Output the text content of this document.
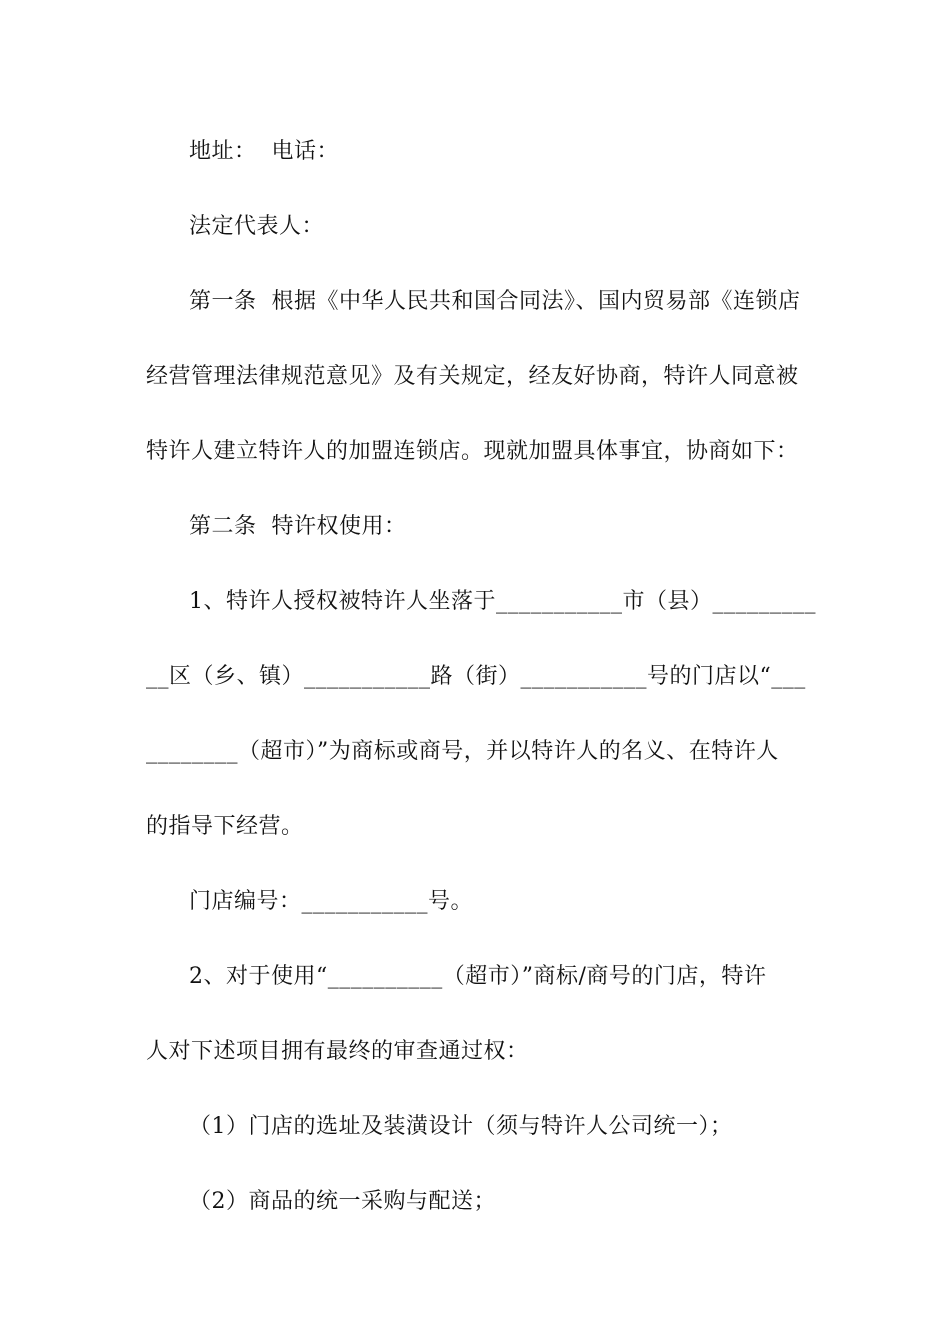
地址：  电话：
法定代表人：
第一条  根据《中华人民共和国合同法》、国内贸易部《连锁店
经营管理法律规范意见》及有关规定，经友好协商，特许人同意被
特许人建立特许人的加盟连锁店。现就加盟具体事宜，协商如下：
第二条  特许权使用：
1、特许人授权被特许人坐落于___________市（县）_________
__区（乡、镇）___________路（街）___________号的门店以“___
________（超市）”为商标或商号，并以特许人的名义、在特许人
的指导下经营。
门店编号：___________号。
2、对于使用“__________（超市）”商标/商号的门店，特许
人对下述项目拥有最终的审查通过权：
（1）门店的选址及装潢设计（须与特许人公司统一）；
（2）商品的统一采购与配送；
